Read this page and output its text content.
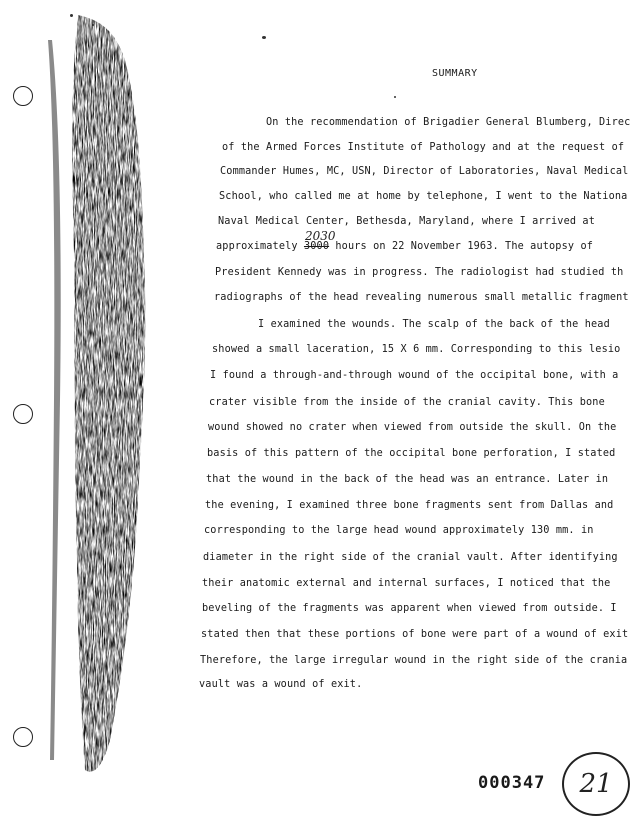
SUMMARY
On the recommendation of Brigadier General Blumberg, Direc
of the Armed Forces Institute of Pathology and at the request of
Commander Humes, MC, USN, Director of Laboratories, Naval Medical
School, who called me at home by telephone, I went to the Nationa
Naval Medical Center, Bethesda, Maryland, where I arrived at
approximately 3000 hours on 22 November 1963. The autopsy of
2030
President Kennedy was in progress. The radiologist had studied th
radiographs of the head revealing numerous small metallic fragment
I examined the wounds. The scalp of the back of the head
showed a small laceration, 15 X 6 mm. Corresponding to this lesio
I found a through-and-through wound of the occipital bone, with a
crater visible from the inside of the cranial cavity. This bone
wound showed no crater when viewed from outside the skull. On the
basis of this pattern of the occipital bone perforation, I stated
that the wound in the back of the head was an entrance. Later in
the evening, I examined three bone fragments sent from Dallas and
corresponding to the large head wound approximately 130 mm. in
diameter in the right side of the cranial vault. After identifying
their anatomic external and internal surfaces, I noticed that the
beveling of the fragments was apparent when viewed from outside. I
stated then that these portions of bone were part of a wound of exit
Therefore, the large irregular wound in the right side of the crania
vault was a wound of exit.
000347 21
